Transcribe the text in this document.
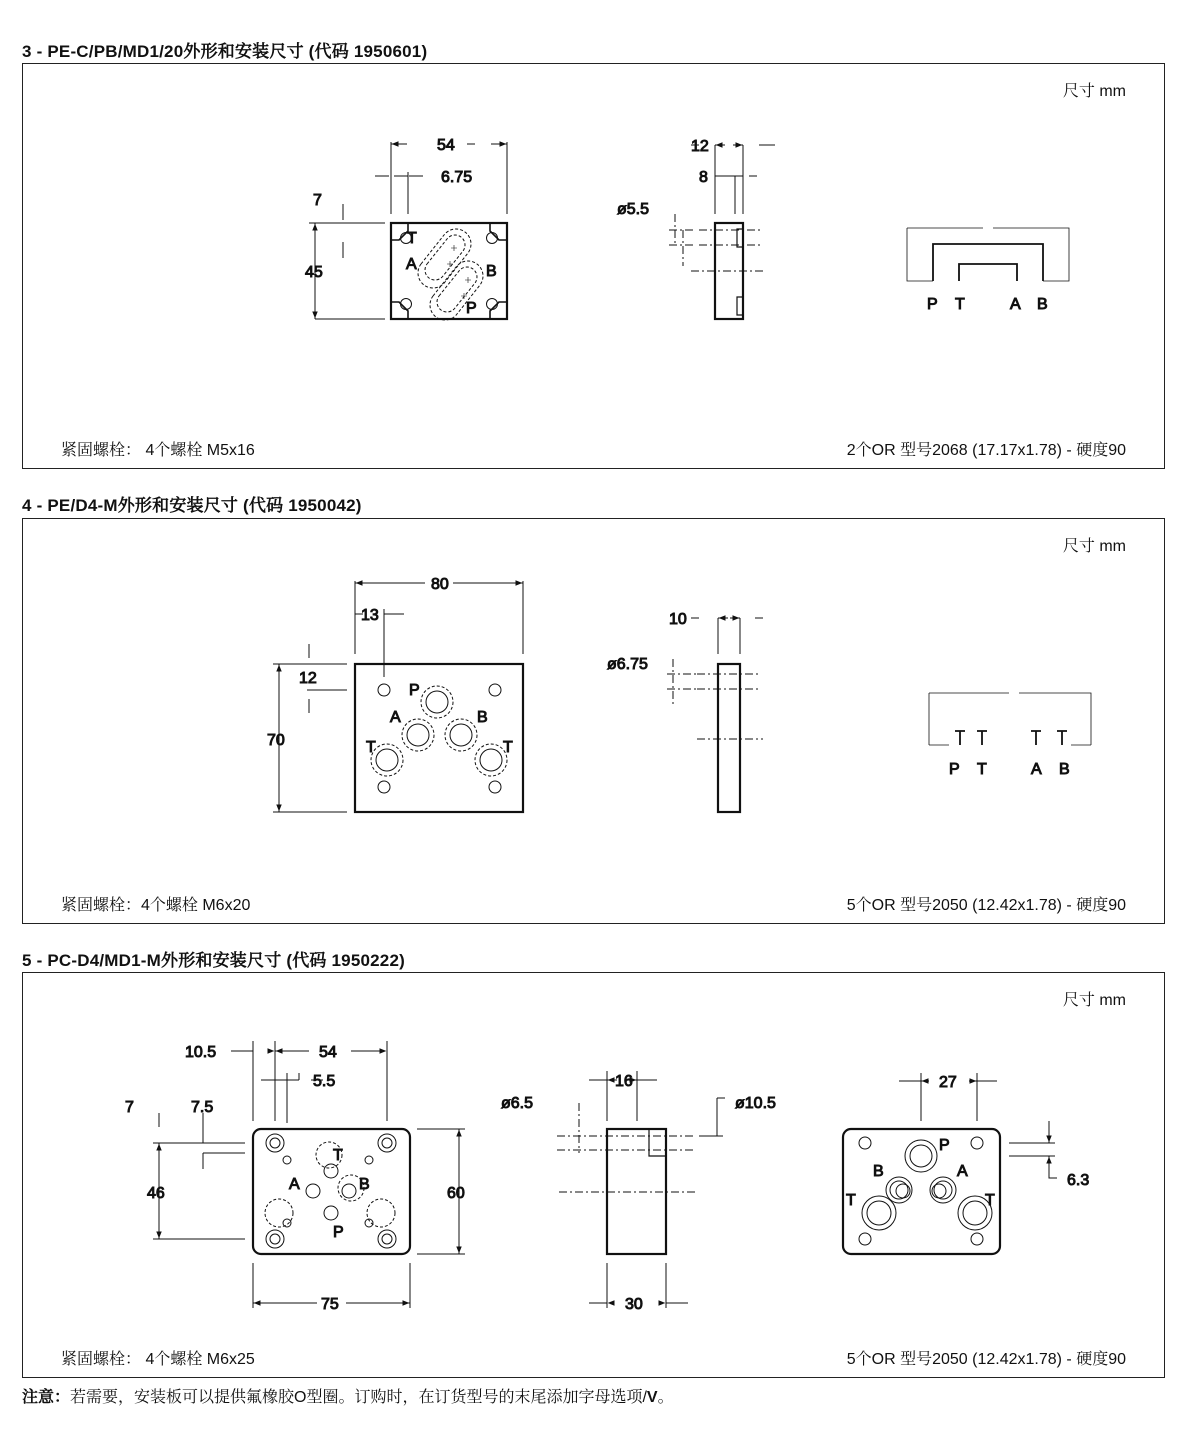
3 - PE-C/PB/MD1/20外形和安装尺寸 (代码 1950601)
尺寸 mm
54
6.75
7
45
T
A	B
P
12
8
ø5.5
P T	A B
紧固螺栓： 4个螺栓 M5x16	2个OR 型号2068 (17.17x1.78) - 硬度90
4 - PE/D4-M外形和安装尺寸 (代码 1950042)
尺寸 mm
80
13
12
70
P
A	B
T	T
10
ø6.75
P T	A B
紧固螺栓：4个螺栓 M6x20	5个OR 型号2050 (12.42x1.78) - 硬度90
5 - PC-D4/MD1-M外形和安装尺寸 (代码 1950222)
尺寸 mm
10.5	54
5.5
7	7.5
46	60
75
T
A	B
P
16
ø6.5	ø10.5
30
27
6.3
P
B	A
T	T
紧固螺栓： 4个螺栓 M6x25	5个OR 型号2050 (12.42x1.78) - 硬度90
注意：若需要，安装板可以提供氟橡胶O型圈。订购时，在订货型号的末尾添加字母选项/V。
